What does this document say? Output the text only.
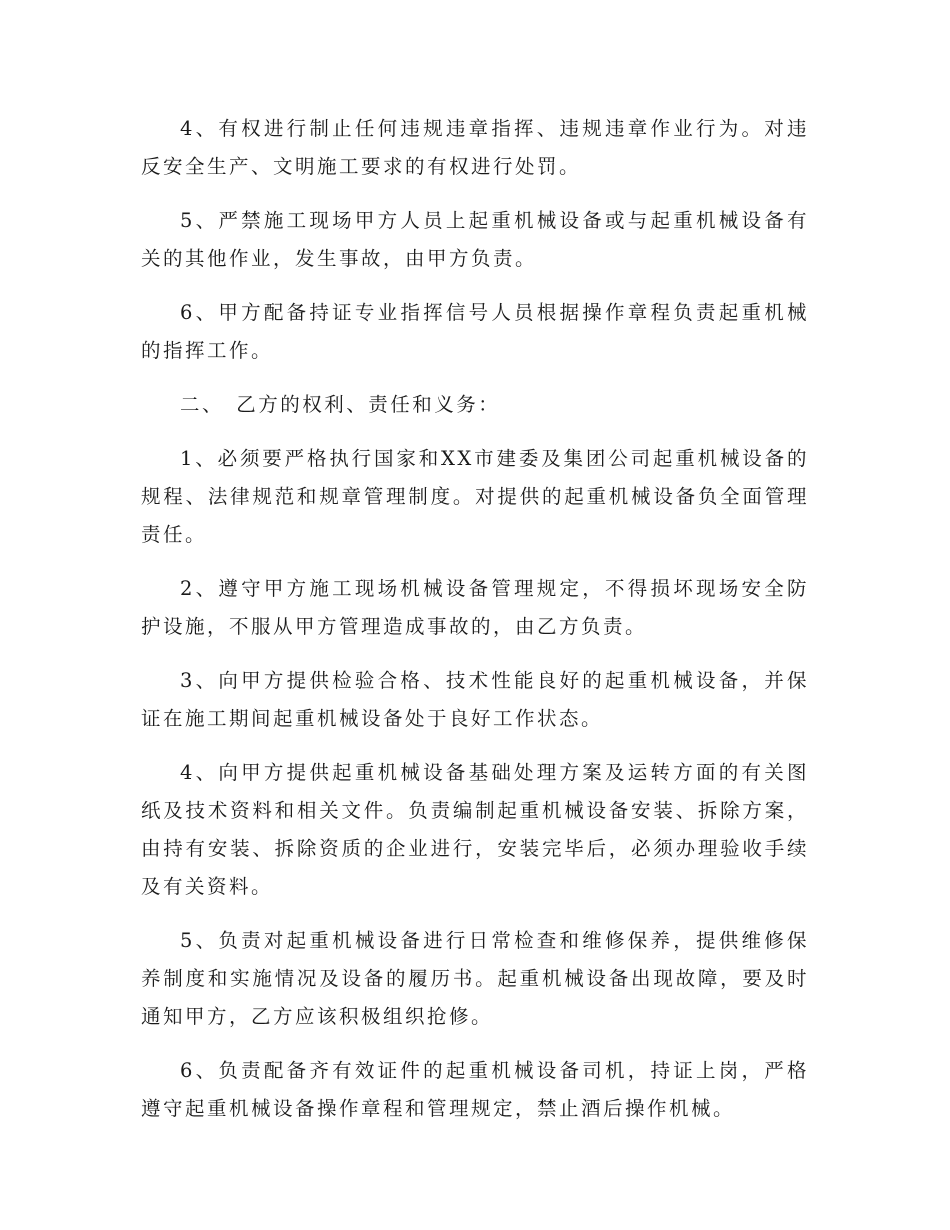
4、有权进行制止任何违规违章指挥、违规违章作业行为。对违反安全生产、文明施工要求的有权进行处罚。

5、严禁施工现场甲方人员上起重机械设备或与起重机械设备有关的其他作业，发生事故，由甲方负责。

6、甲方配备持证专业指挥信号人员根据操作章程负责起重机械的指挥工作。

二、　乙方的权利、责任和义务：

1、必须要严格执行国家和XX市建委及集团公司起重机械设备的规程、法律规范和规章管理制度。对提供的起重机械设备负全面管理责任。

2、遵守甲方施工现场机械设备管理规定，不得损坏现场安全防护设施，不服从甲方管理造成事故的，由乙方负责。

3、向甲方提供检验合格、技术性能良好的起重机械设备，并保证在施工期间起重机械设备处于良好工作状态。

4、向甲方提供起重机械设备基础处理方案及运转方面的有关图纸及技术资料和相关文件。负责编制起重机械设备安装、拆除方案，由持有安装、拆除资质的企业进行，安装完毕后，必须办理验收手续及有关资料。

5、负责对起重机械设备进行日常检查和维修保养，提供维修保养制度和实施情况及设备的履历书。起重机械设备出现故障，要及时通知甲方，乙方应该积极组织抢修。

6、负责配备齐有效证件的起重机械设备司机，持证上岗，严格遵守起重机械设备操作章程和管理规定，禁止酒后操作机械。
